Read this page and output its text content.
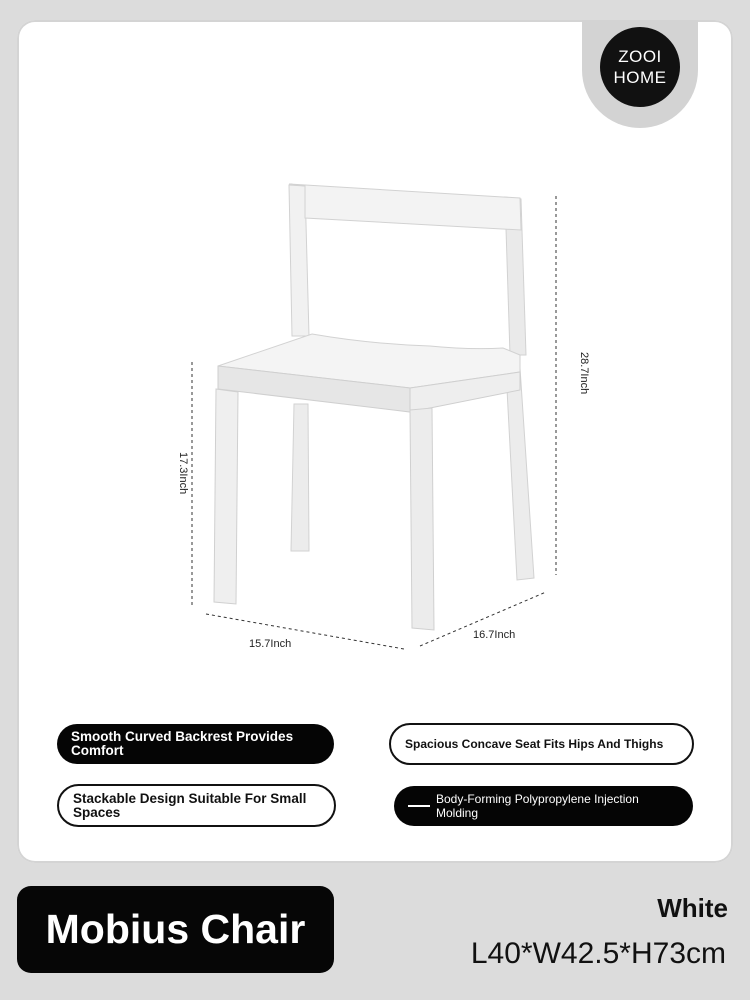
ZOOI
HOME
28.7Inch
17.3Inch
15.7Inch
16.7Inch
Smooth Curved Backrest Provides Comfort	Spacious Concave Seat Fits Hips And Thighs
Stackable Design Suitable For Small Spaces
Body-Forming Polypropylene Injection Molding
Mobius Chair	White
L40*W42.5*H73cm
